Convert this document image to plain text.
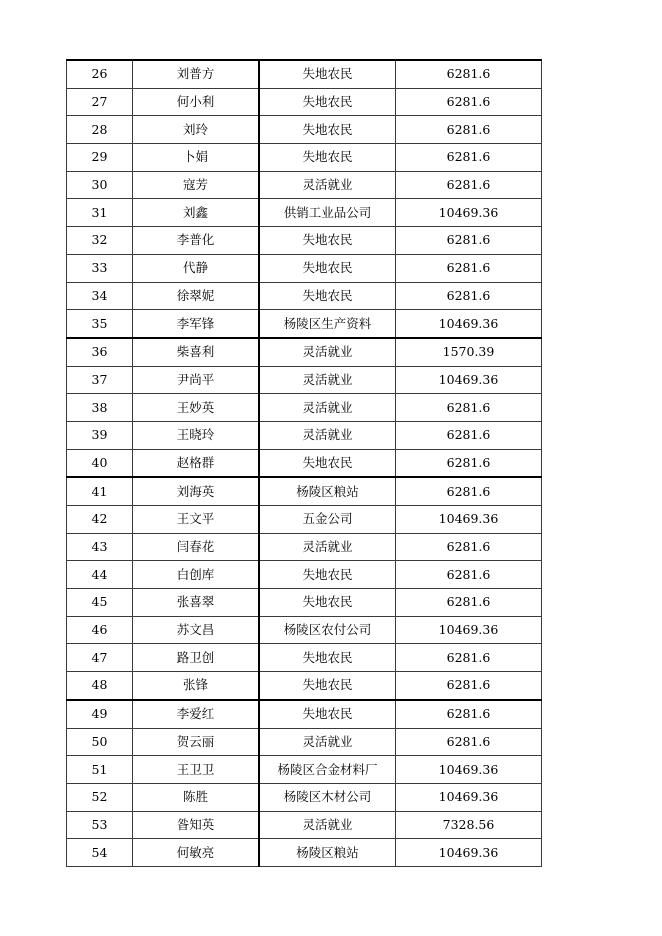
26	刘普方	失地农民	6281.6
27	何小利	失地农民	6281.6
28	刘玲	失地农民	6281.6
29	卜娟	失地农民	6281.6
30	寇芳	灵活就业	6281.6
31	刘鑫	供销工业品公司	10469.36
32	李普化	失地农民	6281.6
33	代静	失地农民	6281.6
34	徐翠妮	失地农民	6281.6
35	李军锋	杨陵区生产资料	10469.36
36	柴喜利	灵活就业	1570.39
37	尹尚平	灵活就业	10469.36
38	王妙英	灵活就业	6281.6
39	王晓玲	灵活就业	6281.6
40	赵格群	失地农民	6281.6
41	刘海英	杨陵区粮站	6281.6
42	王文平	五金公司	10469.36
43	闫春花	灵活就业	6281.6
44	白创库	失地农民	6281.6
45	张喜翠	失地农民	6281.6
46	苏文昌	杨陵区农付公司	10469.36
47	路卫创	失地农民	6281.6
48	张锋	失地农民	6281.6
49	李爱红	失地农民	6281.6
50	贺云丽	灵活就业	6281.6
51	王卫卫	杨陵区合金材料厂	10469.36
52	陈胜	杨陵区木材公司	10469.36
53	昝知英	灵活就业	7328.56
54	何敏亮	杨陵区粮站	10469.36
